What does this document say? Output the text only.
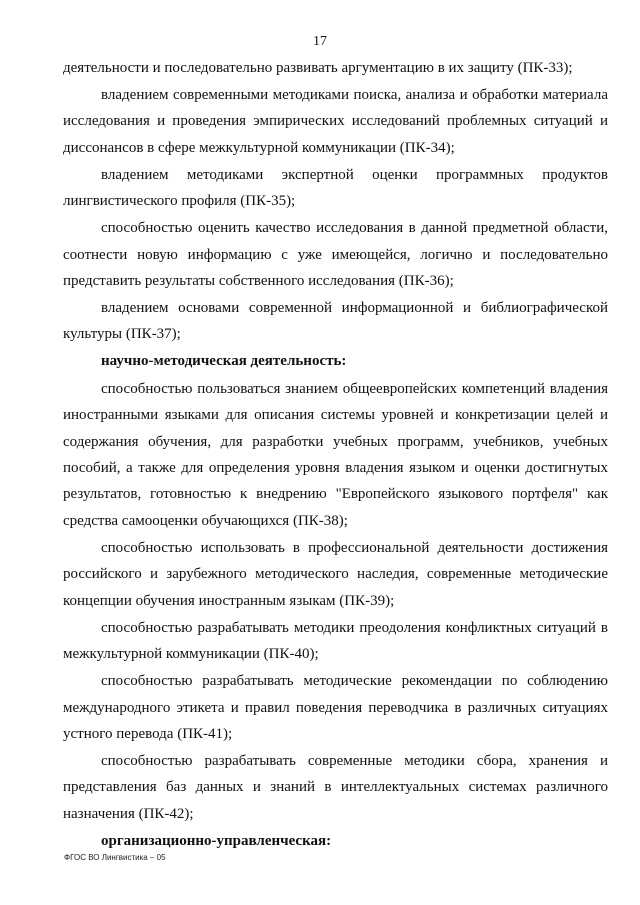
17

деятельности и последовательно развивать аргументацию в их защиту (ПК-33);

владением современными методиками поиска, анализа и обработки материала исследования и проведения эмпирических исследований проблемных ситуаций и диссонансов в сфере межкультурной коммуникации (ПК-34);

владением методиками экспертной оценки программных продуктов лингвистического профиля (ПК-35);

способностью оценить качество исследования в данной предметной области, соотнести новую информацию с уже имеющейся, логично и последовательно представить результаты собственного исследования (ПК-36);

владением основами современной информационной и библиографической культуры (ПК-37);

научно-методическая деятельность:

способностью пользоваться знанием общеевропейских компетенций владения иностранными языками для описания системы уровней и конкретизации целей и содержания обучения, для разработки учебных программ, учебников, учебных пособий, а также для определения уровня владения языком и оценки достигнутых результатов, готовностью к внедрению "Европейского языкового портфеля" как средства самооценки обучающихся (ПК-38);

способностью использовать в профессиональной деятельности достижения российского и зарубежного методического наследия, современные методические концепции обучения иностранным языкам (ПК-39);

способностью разрабатывать методики преодоления конфликтных ситуаций в межкультурной коммуникации (ПК-40);

способностью разрабатывать методические рекомендации по соблюдению международного этикета и правил поведения переводчика в различных ситуациях устного перевода (ПК-41);

способностью разрабатывать современные методики сбора, хранения и представления баз данных и знаний в интеллектуальных системах различного назначения (ПК-42);

организационно-управленческая:

ФГОС ВО Лингвистика – 05
